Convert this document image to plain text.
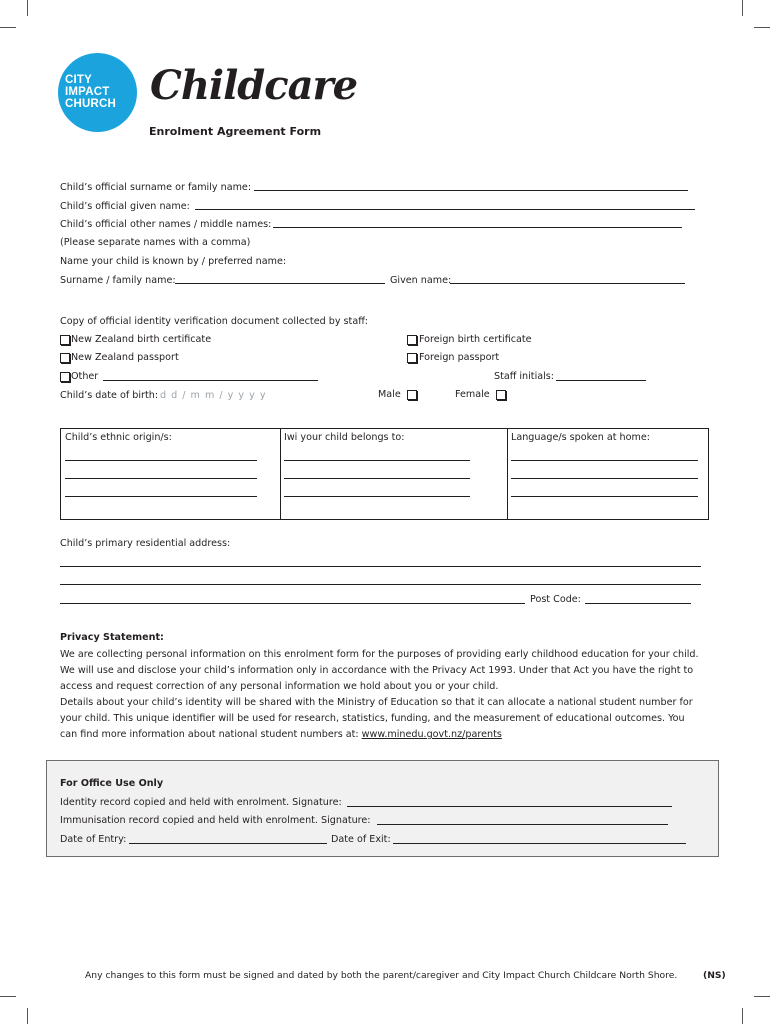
CITY
IMPACT
CHURCH Childcare
Enrolment Agreement Form
Child’s official surname or family name:
Child’s official given name:
Child’s official other names / middle names:
(Please separate names with a comma)
Name your child is known by / preferred name:
Surname / family name:	Given name:
Copy of official identity verification document collected by staff:
New Zealand birth certificate	Foreign birth certificate
New Zealand passport	Foreign passport
Other	Staff initials:
Child’s date of birth: d d / m m / y y y y	Male	Female
Child’s ethnic origin/s:	Iwi your child belongs to:	Language/s spoken at home:
Child’s primary residential address:
Post Code:
Privacy Statement:
We are collecting personal information on this enrolment form for the purposes of providing early childhood education for your child.
We will use and disclose your child’s information only in accordance with the Privacy Act 1993. Under that Act you have the right to
access and request correction of any personal information we hold about you or your child.
Details about your child’s identity will be shared with the Ministry of Education so that it can allocate a national student number for
your child. This unique identifier will be used for research, statistics, funding, and the measurement of educational outcomes. You
can find more information about national student numbers at: www.minedu.govt.nz/parents
For Office Use Only
Identity record copied and held with enrolment. Signature:
Immunisation record copied and held with enrolment. Signature:
Date of Entry:	Date of Exit:
Any changes to this form must be signed and dated by both the parent/caregiver and City Impact Church Childcare North Shore.	(NS)
